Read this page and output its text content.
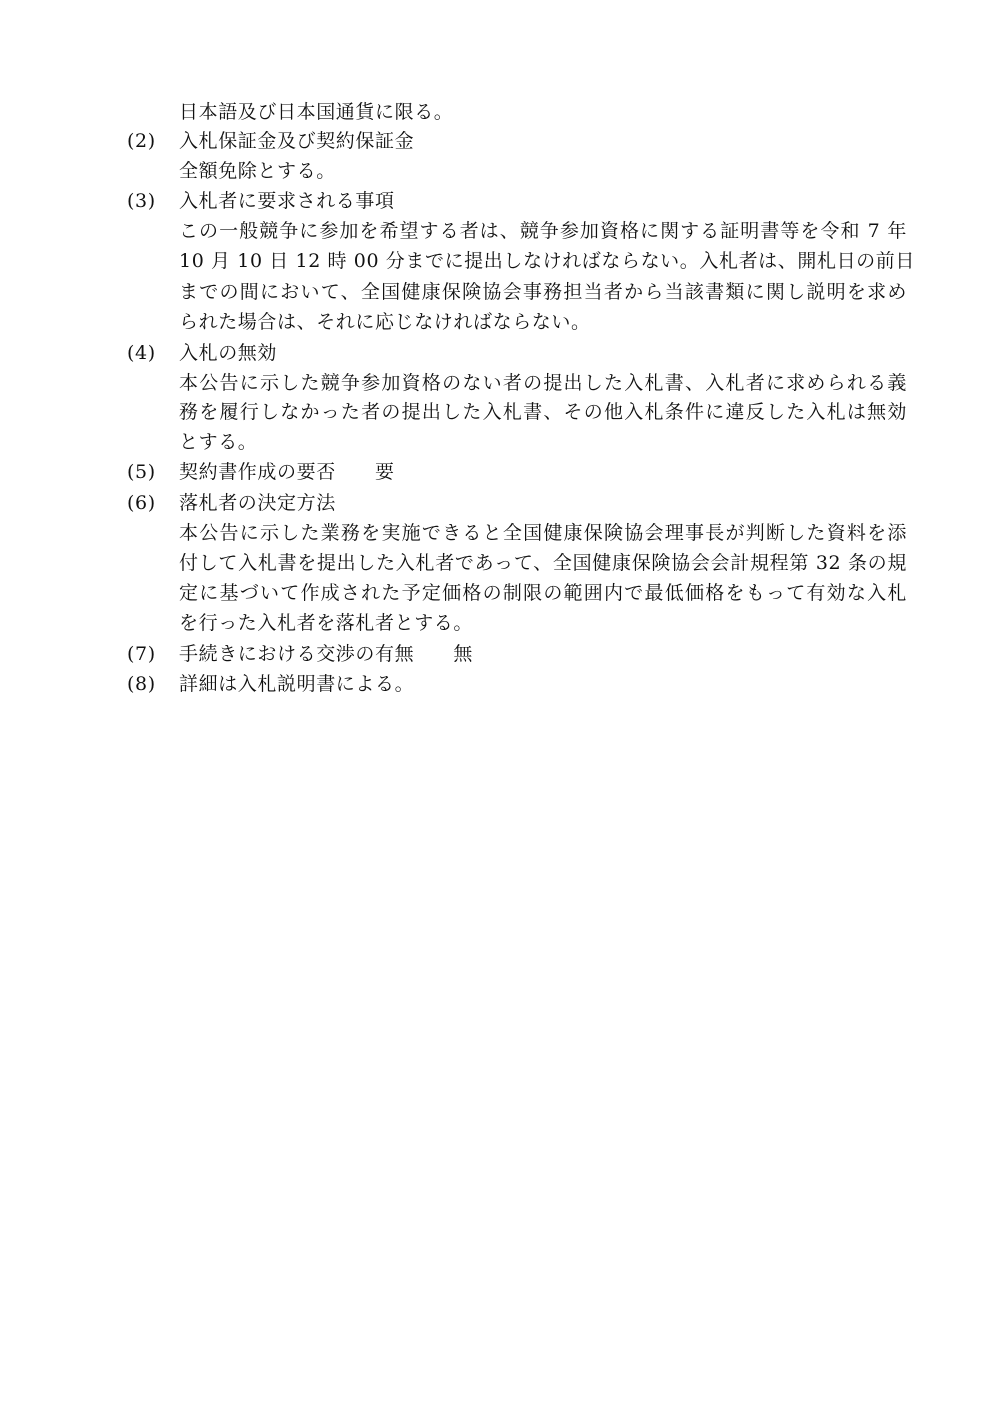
日本語及び日本国通貨に限る。
(2) 入札保証金及び契約保証金
全額免除とする。
(3) 入札者に要求される事項
この一般競争に参加を希望する者は、競争参加資格に関する証明書等を令和 7 年
10 月 10 日 12 時 00 分までに提出しなければならない。入札者は、開札日の前日
までの間において、全国健康保険協会事務担当者から当該書類に関し説明を求め
られた場合は、それに応じなければならない。
(4) 入札の無効
本公告に示した競争参加資格のない者の提出した入札書、入札者に求められる義
務を履行しなかった者の提出した入札書、その他入札条件に違反した入札は無効
とする。
(5) 契約書作成の要否　　要
(6) 落札者の決定方法
本公告に示した業務を実施できると全国健康保険協会理事長が判断した資料を添
付して入札書を提出した入札者であって、全国健康保険協会会計規程第 32 条の規
定に基づいて作成された予定価格の制限の範囲内で最低価格をもって有効な入札
を行った入札者を落札者とする。
(7) 手続きにおける交渉の有無　　無
(8) 詳細は入札説明書による。
